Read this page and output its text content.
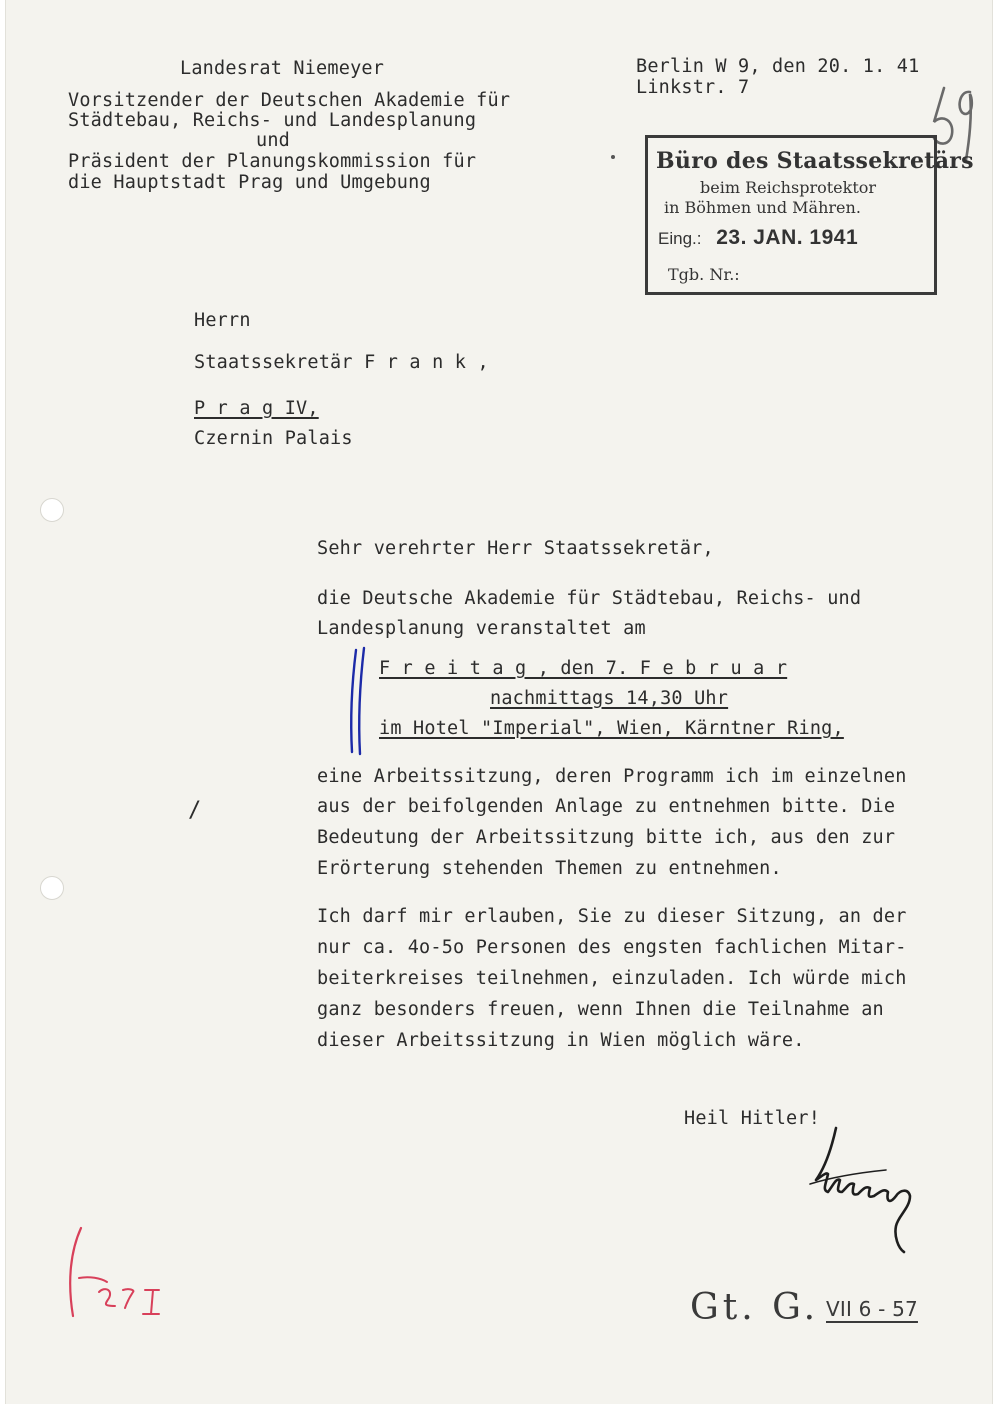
Landesrat Niemeyer
Vorsitzender der Deutschen Akademie für
Städtebau, Reichs- und Landesplanung
und
Präsident der Planungskommission für
die Hauptstadt Prag und Umgebung
Berlin W 9, den 20. 1. 41
Linkstr. 7
Büro des Staatssekretärs
beim Reichsprotektor
in Böhmen und Mähren.
Eing.: 23. JAN. 1941
Tgb. Nr.:
Herrn
Staatssekretär F r a n k ,
P r a g IV,
Czernin Palais
Sehr verehrter Herr Staatssekretär,
die Deutsche Akademie für Städtebau, Reichs- und
Landesplanung veranstaltet am
F r e i t a g , den 7. F e b r u a r
nachmittags 14,30 Uhr
im Hotel "Imperial", Wien, Kärntner Ring,
eine Arbeitssitzung, deren Programm ich im einzelnen
aus der beifolgenden Anlage zu entnehmen bitte. Die
Bedeutung der Arbeitssitzung bitte ich, aus den zur
Erörterung stehenden Themen zu entnehmen.
/
Ich darf mir erlauben, Sie zu dieser Sitzung, an der
nur ca. 4o-5o Personen des engsten fachlichen Mitar-
beiterkreises teilnehmen, einzuladen. Ich würde mich
ganz besonders freuen, wenn Ihnen die Teilnahme an
dieser Arbeitssitzung in Wien möglich wäre.
Heil Hitler!
Gt. G. VII 6 - 57
